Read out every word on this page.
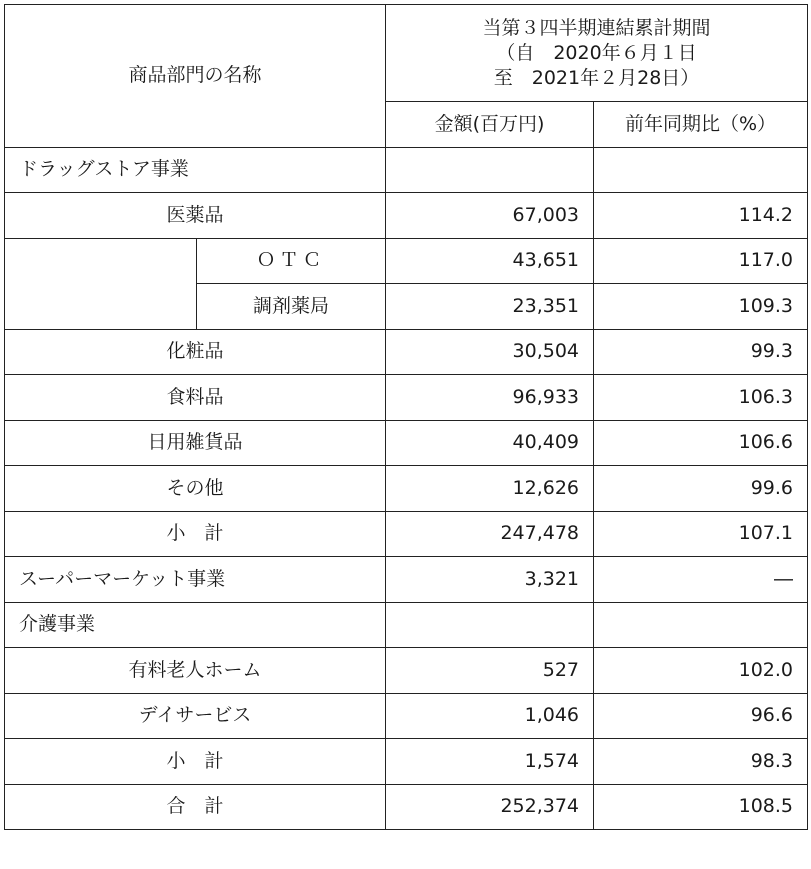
商品部門の名称		当第３四半期連結累計期間
（自　2020年６月１日
至　2021年２月28日）	

		金額(百万円)	前年同期比（%）
ドラッグストア事業			
医薬品		67,003	114.2
	ＯＴＣ	43,651	117.0
	調剤薬局	23,351	109.3
化粧品		30,504	99.3
食料品		96,933	106.3
日用雑貨品		40,409	106.6
その他		12,626	99.6
小　計		247,478	107.1
スーパーマーケット事業		3,321	―
介護事業			
有料老人ホーム		527	102.0
デイサービス		1,046	96.6
小　計		1,574	98.3
合　計		252,374	108.5
